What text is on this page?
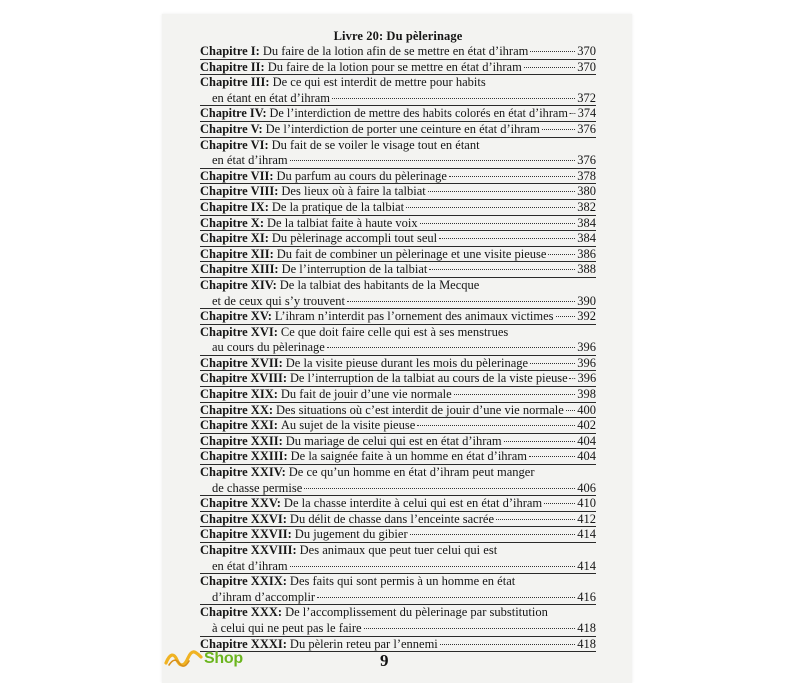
Livre 20: Du pèlerinage
Chapitre I: Du faire de la lotion afin de se mettre en état d’ihram	370
Chapitre II: Du faire de la lotion pour se mettre en état d’ihram	370
Chapitre III: De ce qui est interdit de mettre pour habits
en étant en état d’ihram	372
Chapitre IV: De l’interdiction de mettre des habits colorés en état d’ihram 374
Chapitre V: De l’interdiction de porter une ceinture en état d’ihram	376
Chapitre VI: Du fait de se voiler le visage tout en étant
en état d’ihram	376
Chapitre VII: Du parfum au cours du pèlerinage	378
Chapitre VIII: Des lieux où à faire la talbiat	380
Chapitre IX: De la pratique de la talbiat	382
Chapitre X: De la talbiat faite à haute voix	384
Chapitre XI: Du pèlerinage accompli tout seul	384
Chapitre XII: Du fait de combiner un pèlerinage et une visite pieuse 386
Chapitre XIII: De l’interruption de la talbiat	388
Chapitre XIV: De la talbiat des habitants de la Mecque
et de ceux qui s’y trouvent	390
Chapitre XV: L’ihram n’interdit pas l’ornement des animaux victimes 392
Chapitre XVI: Ce que doit faire celle qui est à ses menstrues
au cours du pèlerinage	396
Chapitre XVII: De la visite pieuse durant les mois du pèlerinage	396
Chapitre XVIII: De l’interruption de la talbiat au cours de la viste pieuse 396
Chapitre XIX: Du fait de jouir d’une vie normale	398
Chapitre XX: Des situations où c’est interdit de jouir d’une vie normale 400
Chapitre XXI: Au sujet de la visite pieuse	402
Chapitre XXII: Du mariage de celui qui est en état d’ihram	404
Chapitre XXIII: De la saignée faite à un homme en état d’ihram	404
Chapitre XXIV: De ce qu’un homme en état d’ihram peut manger
de chasse permise	406
Chapitre XXV: De la chasse interdite à celui qui est en état d’ihram	410
Chapitre XXVI: Du délit de chasse dans l’enceinte sacrée	412
Chapitre XXVII: Du jugement du gibier	414
Chapitre XXVIII: Des animaux que peut tuer celui qui est
en état d’ihram	414
Chapitre XXIX: Des faits qui sont permis à un homme en état
d’ihram d’accomplir	416
Chapitre XXX: De l’accomplissement du pèlerinage par substitution
à celui qui ne peut pas le faire	418
Chapitre XXXI: Du pèlerin reteu par l’ennemi	418
Shop	9
